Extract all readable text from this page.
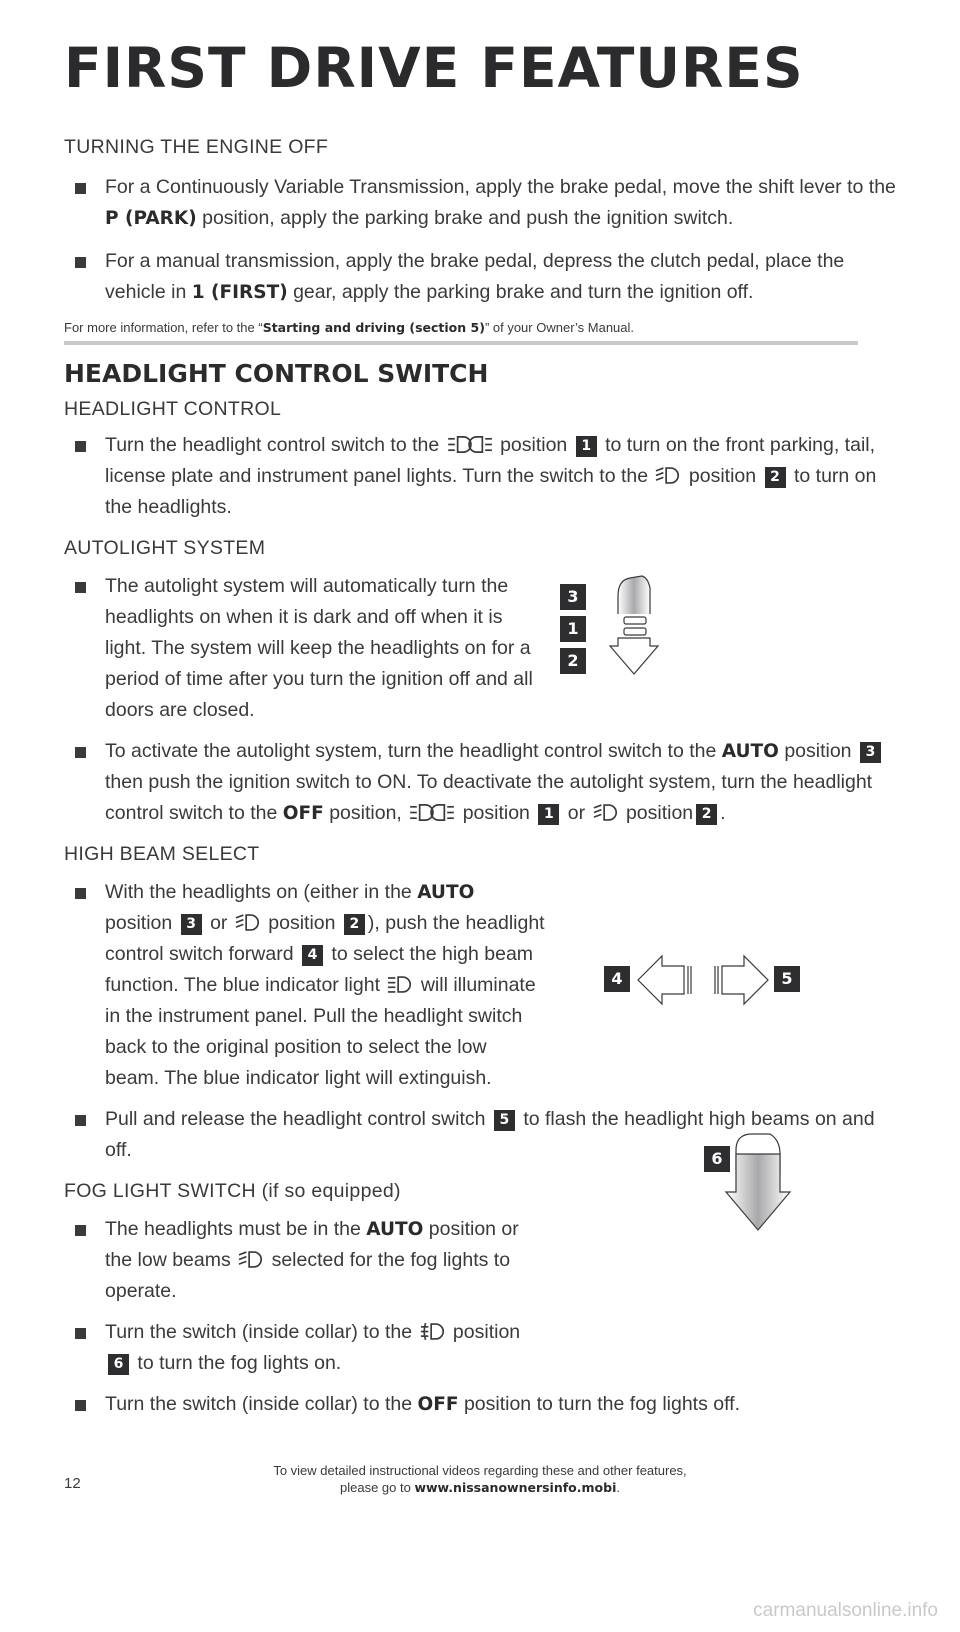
FIRST DRIVE FEATURES

TURNING THE ENGINE OFF

For a Continuously Variable Transmission, apply the brake pedal, move the shift lever to the P (PARK) position, apply the parking brake and push the ignition switch.
For a manual transmission, apply the brake pedal, depress the clutch pedal, place the vehicle in 1 (FIRST) gear, apply the parking brake and turn the ignition off.
For more information, refer to the “Starting and driving (section 5)” of your Owner’s Manual.
HEADLIGHT CONTROL SWITCH

HEADLIGHT CONTROL

Turn the headlight control switch to the	position 1 to turn on the front parking, tail, license plate and instrument panel lights. Turn the switch to the position 2 to turn on the headlights.

AUTOLIGHT SYSTEM

The autolight system will automatically turn the headlights on when it is dark and off when it is light. The system will keep the headlights on for a period of time after you turn the ignition off and all doors are closed.
To activate the autolight system, turn the headlight control switch to the AUTO position 3 then push the ignition switch to ON. To deactivate the autolight system, turn the headlight control switch to the OFF position,	position 1 or position 2 .

HIGH BEAM SELECT

With the headlights on (either in the AUTO position 3 or position 2 ), push the headlight control switch forward 4 to select the high beam function. The blue indicator light will illuminate in the instrument panel. Pull the headlight switch back to the original position to select the low beam. The blue indicator light will extinguish.
Pull and release the headlight control switch 5 to flash the headlight high beams on and off.

FOG LIGHT SWITCH (if so equipped)

The headlights must be in the AUTO position or the low beams selected for the fog lights to operate.
Turn the switch (inside collar) to the position 6 to turn the fog lights on.
Turn the switch (inside collar) to the OFF position to turn the fog lights off.
3
1
2
4	5
6
To view detailed instructional videos regarding these and other features,
please go to www.nissanownersinfo.mobi.
12
carmanualsonline.info
